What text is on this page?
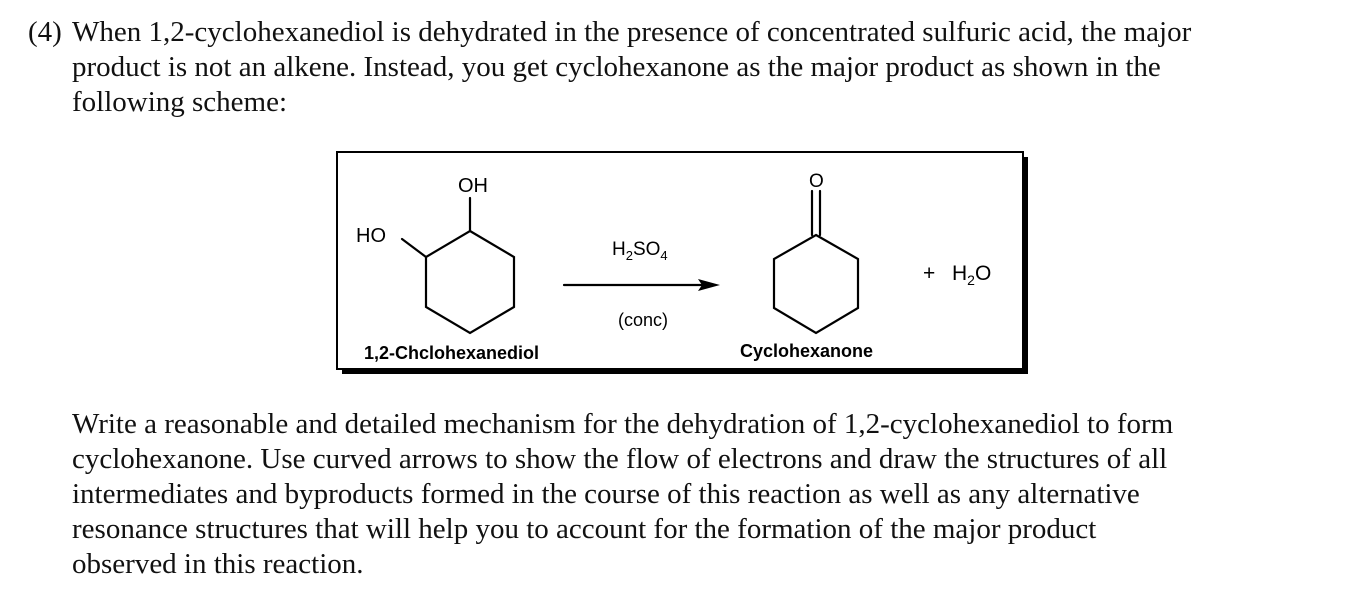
(4) When 1,2-cyclohexanediol is dehydrated in the presence of concentrated sulfuric acid, the major
product is not an alkene. Instead, you get cyclohexanone as the major product as shown in the
following scheme:
OH
HO
1,2-Chclohexanediol
$H_2SO_4$
(conc)
O
Cyclohexanone
+ $H_2O$
Write a reasonable and detailed mechanism for the dehydration of 1,2-cyclohexanediol to form
cyclohexanone. Use curved arrows to show the flow of electrons and draw the structures of all
intermediates and byproducts formed in the course of this reaction as well as any alternative
resonance structures that will help you to account for the formation of the major product
observed in this reaction.
